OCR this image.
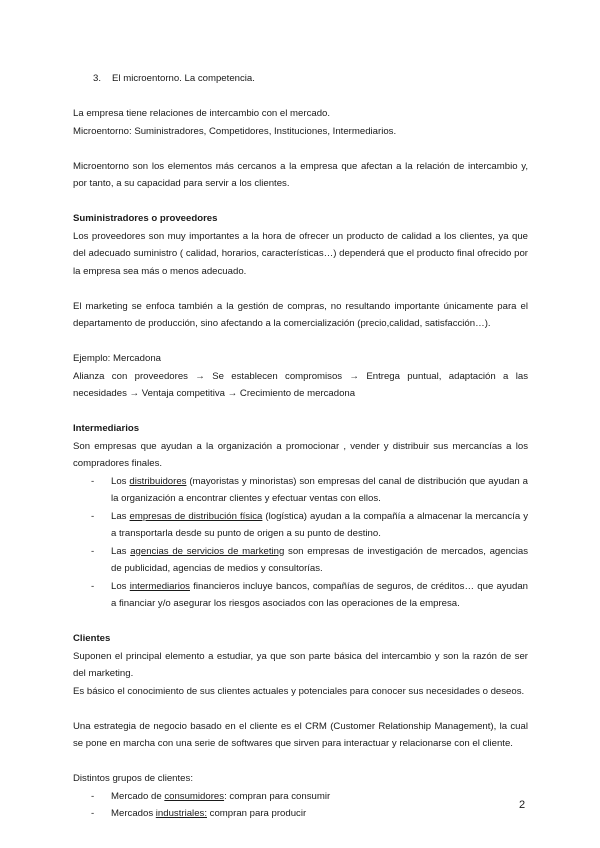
3.	El microentorno. La competencia.

La empresa tiene relaciones de intercambio con el mercado.

Microentorno: Suministradores, Competidores, Instituciones, Intermediarios.

Microentorno son los elementos más cercanos a la empresa que afectan a la relación de intercambio y, por tanto, a su capacidad para servir a los clientes.

Suministradores o proveedores

Los proveedores son muy importantes a la hora de ofrecer un producto de calidad a los clientes, ya que del adecuado suministro ( calidad, horarios, características…) dependerá que el producto final ofrecido por la empresa sea más o menos adecuado.

El marketing se enfoca también a la gestión de compras, no resultando importante únicamente para el departamento de producción, sino afectando a la comercialización (precio,calidad, satisfacción…).

Ejemplo: Mercadona

Alianza con proveedores → Se establecen compromisos → Entrega puntual, adaptación a las necesidades → Ventaja competitiva → Crecimiento de mercadona

Intermediarios

Son empresas que ayudan a la organización a promocionar , vender y distribuir sus mercancías a los compradores finales.

- Los distribuidores (mayoristas y minoristas) son empresas del canal de distribución que ayudan a la organización a encontrar clientes y efectuar ventas con ellos.
- Las empresas de distribución física (logística) ayudan a la compañía a almacenar la mercancía y a transportarla desde su punto de origen a su punto de destino.
- Las agencias de servicios de marketing son empresas de investigación de mercados, agencias de publicidad, agencias de medios y consultorías.
- Los intermediarios financieros incluye bancos, compañías de seguros, de créditos… que ayudan a financiar y/o asegurar los riesgos asociados con las operaciones de la empresa.

Clientes

Suponen el principal elemento a estudiar, ya que son parte básica del intercambio y son la razón de ser del marketing.

Es básico el conocimiento de sus clientes actuales y potenciales para conocer sus necesidades o deseos.

Una estrategia de negocio basado en el cliente es el CRM (Customer Relationship Management), la cual se pone en marcha con una serie de softwares que sirven para interactuar y relacionarse con el cliente.

Distintos grupos de clientes:

- Mercado de consumidores: compran para consumir
- Mercados industriales: compran para producir
2
